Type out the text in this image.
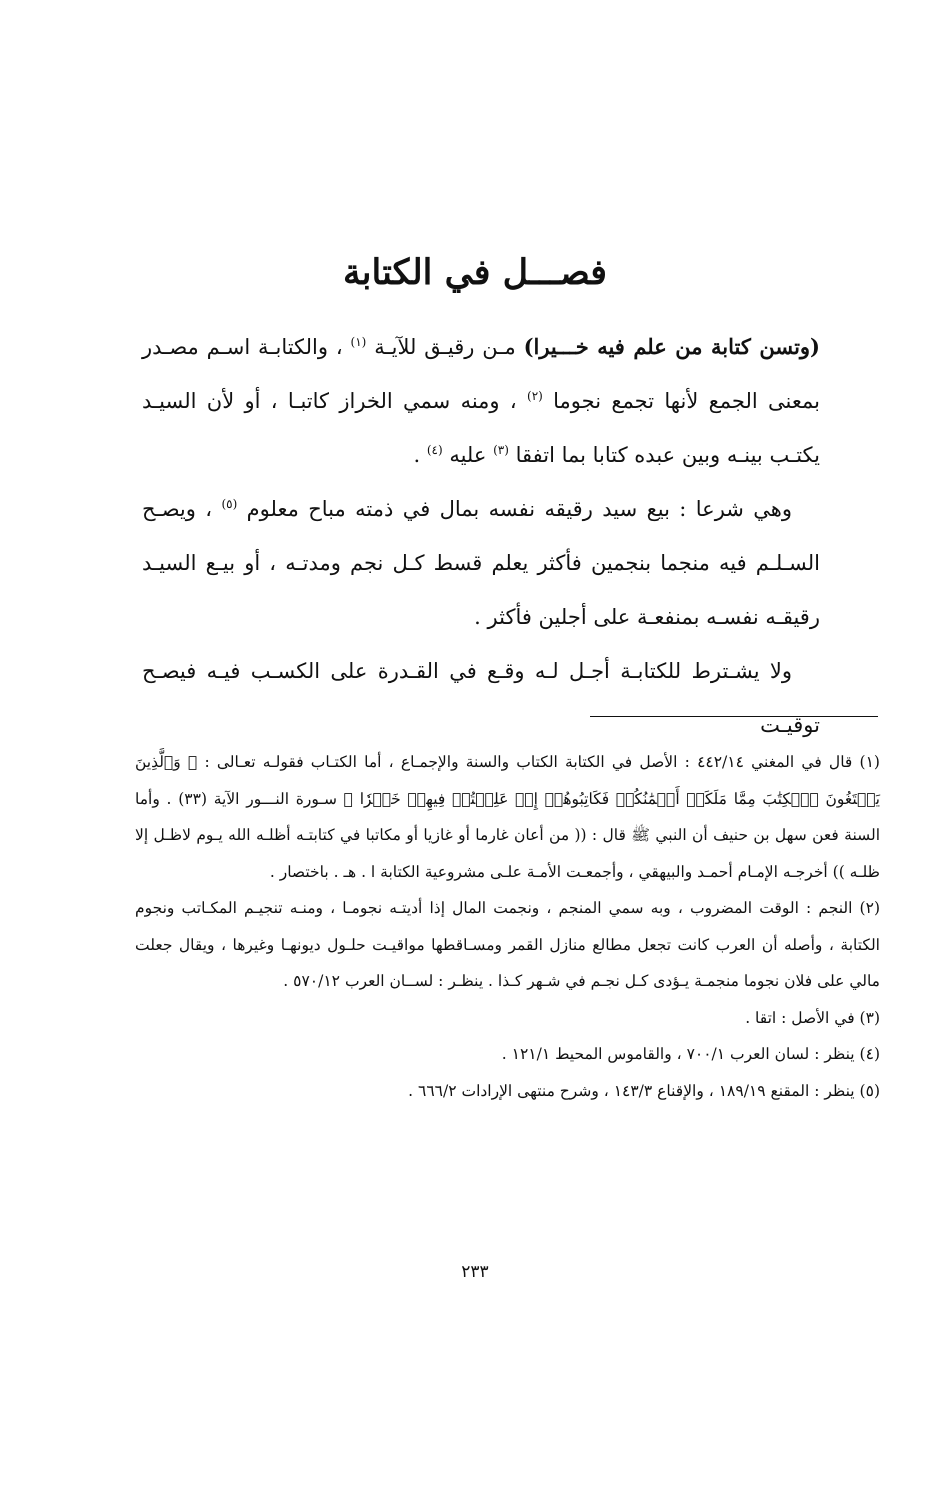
فصـــل في الكتابة

(وتسن كتابة من علم فيه خـــيرا) مـن رقيـق للآيـة $^{(١)}$ ، والكتابـة اسـم مصـدر بمعنى الجمع لأنها تجمع نجوما $^{(٢)}$ ، ومنه سمي الخراز كاتبـا ، أو لأن السيـد يكتـب بينـه وبين عبده كتابا بما اتفقا $^{(٣)}$ عليه $^{(٤)}$ .

وهي شرعا : بيع سيد رقيقه نفسه بمال في ذمته مباح معلوم $^{(٥)}$ ، ويصـح السـلـم فيه منجما بنجمين فأكثر يعلم قسط كـل نجم ومدتـه ، أو بيـع السيـد رقيقـه نفسـه بمنفعـة على أجلين فأكثر .

ولا يشـترط للكتابـة أجـل لـه وقـع في القـدرة على الكسـب فيـه فيصـح توقيـت

(١) قال في المغني ٤٤٢/١٤ : الأصل في الكتابة الكتاب والسنة والإجمـاع ، أما الكتـاب فقولـه تعـالى : ﴿ وَٱلَّذِينَ يَبۡتَغُونَ ٱلۡكِتَٰبَ مِمَّا مَلَكَتۡ أَيۡمَٰنُكُمۡ فَكَاتِبُوهُمۡ إِنۡ عَلِمۡتُمۡ فِيهِمۡ خَيۡرٗا ﴾ سـورة النـــور الآية (٣٣) . وأما السنة فعن سهل بن حنيف أن النبي ﷺ قال : (( من أعان غارما أو غازيا أو مكاتبا في كتابتـه أظلـه الله يـوم لاظـل إلا ظلـه )) أخرجـه الإمـام أحمـد والبيهقي ، وأجمعـت الأمـة علـى مشروعية الكتابة ا . هـ . باختصار .
(٢) النجم : الوقت المضروب ، وبه سمي المنجم ، ونجمت المال إذا أديتـه نجومـا ، ومنـه تنجيـم المكـاتب ونجوم الكتابة ، وأصله أن العرب كانت تجعل مطالع منازل القمر ومسـاقطها مواقيـت حلـول ديونهـا وغيرها ، ويقال جعلت مالي على فلان نجوما منجمـة يـؤدى كـل نجـم في شـهر كـذا . ينظـر : لســان العرب ٥٧٠/١٢ .
(٣) في الأصل : اتقا .
(٤) ينظر : لسان العرب ٧٠٠/١ ، والقاموس المحيط ١٢١/١ .
(٥) ينظر : المقنع ١٨٩/١٩ ، والإقناع ١٤٣/٣ ، وشرح منتهى الإرادات ٦٦٦/٢ .
٢٣٣
